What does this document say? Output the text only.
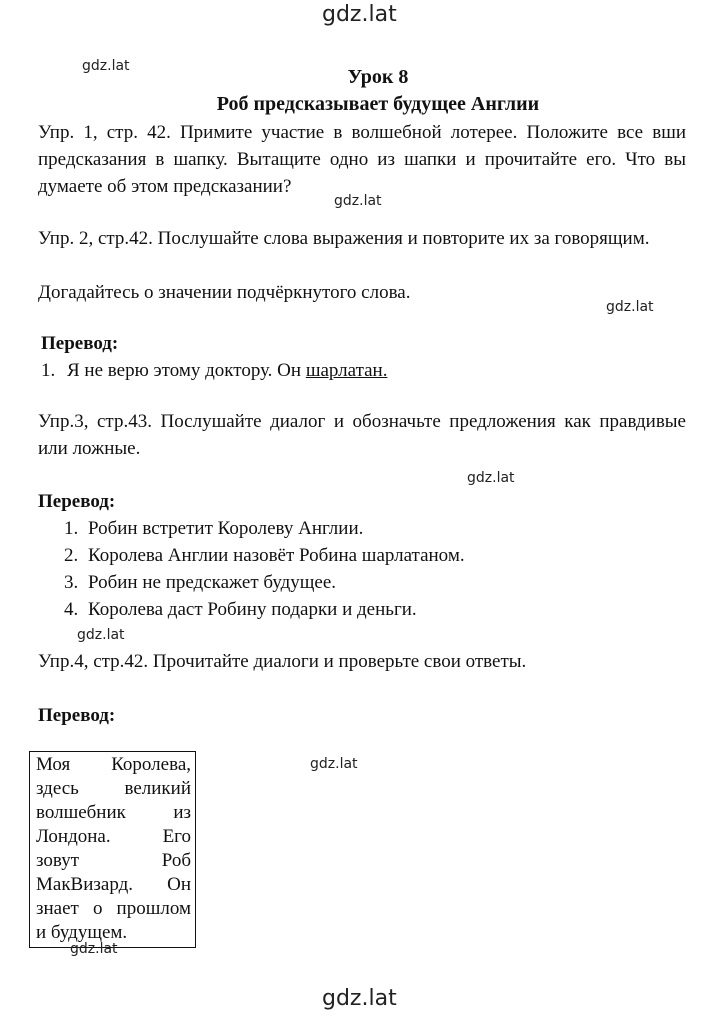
gdz.lat
gdz.lat	Урок 8
Роб предсказывает будущее Англии
Упр. 1, стр. 42. Примите участие в волшебной лотерее. Положите все вши предсказания в шапку. Вытащите одно из шапки и прочитайте его. Что вы думаете об этом предсказании?
gdz.lat
Упр. 2, стр.42. Послушайте слова выражения и повторите их за говорящим.
Догадайтесь о значении подчёркнутого слова.
gdz.lat
Перевод:
1. Я не верю этому доктору. Он шарлатан.
Упр.3, стр.43. Послушайте диалог и обозначьте предложения как правдивые или ложные.
gdz.lat
Перевод:
1. Робин встретит Королеву Англии.
2. Королева Англии назовёт Робина шарлатаном.
3. Робин не предскажет будущее.
4. Королева даст Робину подарки и деньги.
gdz.lat
Упр.4, стр.42. Прочитайте диалоги и проверьте свои ответы.
Перевод:
gdz.lat
Моя Королева, здесь великий волшебник из Лондона. Его зовут Роб МакВизард. Он знает о прошлом
и будущем.
gdz.lat
gdz.lat
